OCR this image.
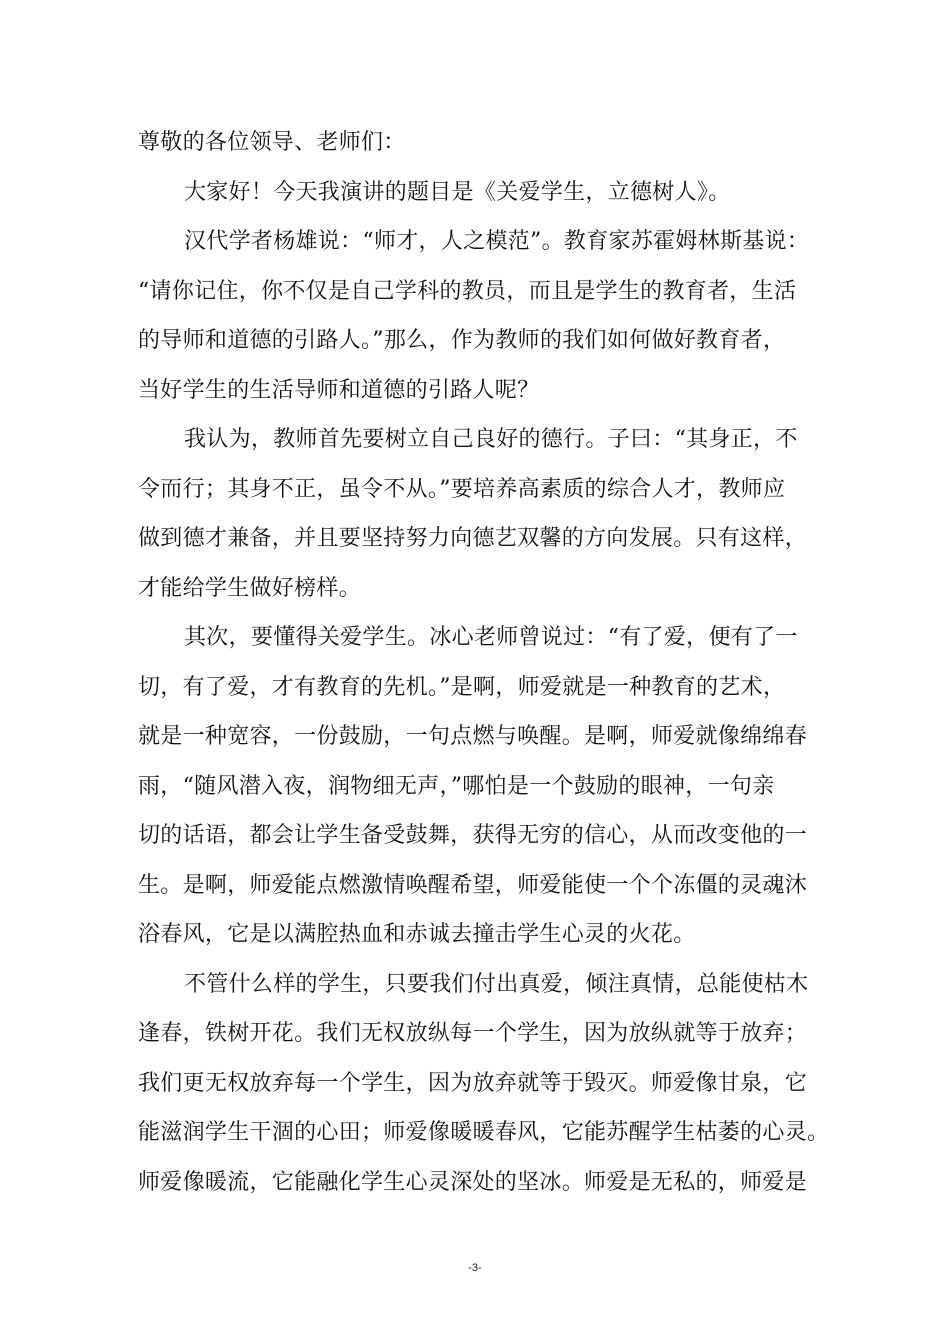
尊敬的各位领导、老师们：
大家好！今天我演讲的题目是《关爱学生，立德树人》。
汉代学者杨雄说：“师才，人之模范”。教育家苏霍姆林斯基说：
“请你记住，你不仅是自己学科的教员，而且是学生的教育者，生活
的导师和道德的引路人。”那么，作为教师的我们如何做好教育者，
当好学生的生活导师和道德的引路人呢？
我认为，教师首先要树立自己良好的德行。子曰：“其身正，不
令而行；其身不正，虽令不从。”要培养高素质的综合人才，教师应
做到德才兼备，并且要坚持努力向德艺双馨的方向发展。只有这样，
才能给学生做好榜样。
其次，要懂得关爱学生。冰心老师曾说过：“有了爱，便有了一
切，有了爱，才有教育的先机。”是啊，师爱就是一种教育的艺术，
就是一种宽容，一份鼓励，一句点燃与唤醒。是啊，师爱就像绵绵春
雨，“随风潜入夜，润物细无声，”哪怕是一个鼓励的眼神，一句亲
切的话语，都会让学生备受鼓舞，获得无穷的信心，从而改变他的一
生。是啊，师爱能点燃激情唤醒希望，师爱能使一个个冻僵的灵魂沐
浴春风，它是以满腔热血和赤诚去撞击学生心灵的火花。
不管什么样的学生，只要我们付出真爱，倾注真情，总能使枯木
逢春，铁树开花。我们无权放纵每一个学生，因为放纵就等于放弃；
我们更无权放弃每一个学生，因为放弃就等于毁灭。师爱像甘泉，它
能滋润学生干涸的心田；师爱像暖暖春风，它能苏醒学生枯萎的心灵。
师爱像暖流，它能融化学生心灵深处的坚冰。师爱是无私的，师爱是
-3-
